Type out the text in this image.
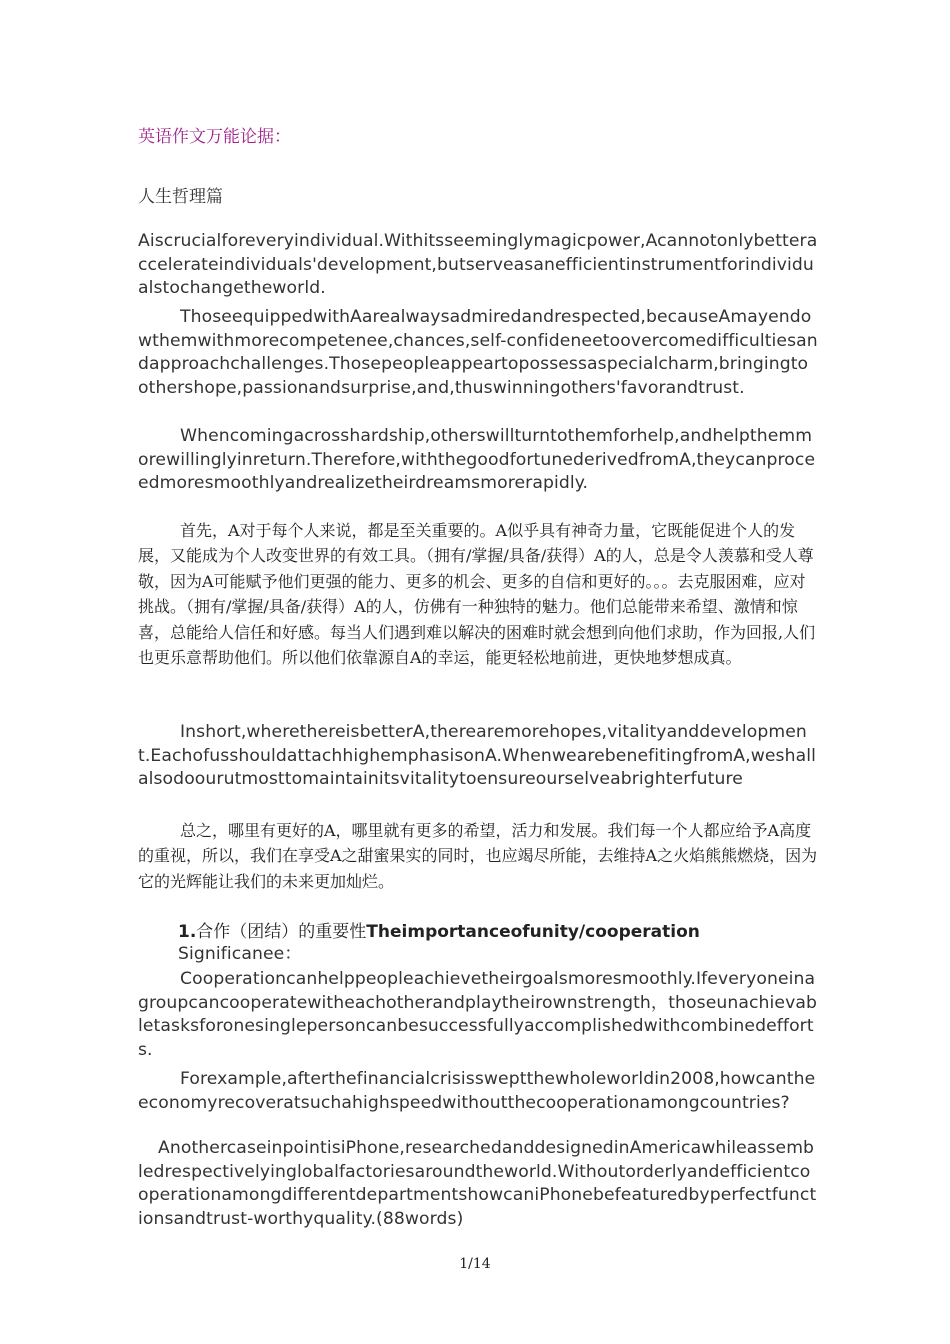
英语作文万能论据：
人生哲理篇

Aiscrucialforeveryindividual.Withitsseeminglymagicpower,Acannotonlybetteraccelerateindividuals'development,butserveasanefficientinstrumentforindividualstochangetheworld.

ThoseequippedwithAarealwaysadmiredandrespected,becauseAmayendowthemwithmorecompetenee,chances,self-confideneetoovercomedifficultiesandapproachchallenges.Thosepeopleappeartopossessaspecialcharm,bringingtoothershope,passionandsurprise,and,thuswinningothers'favorandtrust.

Whencomingacrosshardship,otherswillturntothemforhelp,andhelpthemmorewillinglyinreturn.Therefore,withthegoodfortunederivedfromA,theycanproceedmoresmoothlyandrealizetheirdreamsmorerapidly.

首先，A对于每个人来说，都是至关重要的。A似乎具有神奇力量，它既能促进个人的发展，又能成为个人改变世界的有效工具。（拥有/掌握/具备/获得）A的人，总是令人羡慕和受人尊敬，因为A可能赋予他们更强的能力、更多的机会、更多的自信和更好的。。。去克服困难，应对挑战。（拥有/掌握/具备/获得）A的人，仿佛有一种独特的魅力。他们总能带来希望、激情和惊喜，总能给人信任和好感。每当人们遇到难以解决的困难时就会想到向他们求助，作为回报,人们也更乐意帮助他们。所以他们依靠源自A的幸运，能更轻松地前进，更快地梦想成真。

Inshort,wherethereisbetterA,therearemorehopes,vitalityanddevelopment.EachofusshouldattachhighemphasisonA.WhenwearebenefitingfromA,weshallalsodoourutmosttomaintainitsvitalitytoensureourselveabrighterfuture

总之，哪里有更好的A，哪里就有更多的希望，活力和发展。我们每一个人都应给予A高度的重视，所以，我们在享受A之甜蜜果实的同时，也应竭尽所能，去维持A之火焰熊熊燃烧，因为它的光辉能让我们的未来更加灿烂。

1.合作（团结）的重要性Theimportanceofunity/cooperation

Significanee：

Cooperationcanhelppeopleachievetheirgoalsmoresmoothly.Ifeveryoneinagroupcancooperatewitheachotherandplaytheirownstrength，thoseunachievabletasksforonesinglepersoncanbesuccessfullyaccomplishedwithcombinedefforts.

Forexample,afterthefinancialcrisissweptthewholeworldin2008,howcantheeconomyrecoveratsuchahighspeedwithoutthecooperationamongcountries?

AnothercaseinpointisiPhone,researchedanddesignedinAmericawhileassembledrespectivelyinglobalfactoriesaroundtheworld.WithoutorderlyandefficientcooperationamongdifferentdepartmentshowcaniPhonebefeaturedbyperfectfunctionsandtrust-worthyquality.(88words)

1/14
